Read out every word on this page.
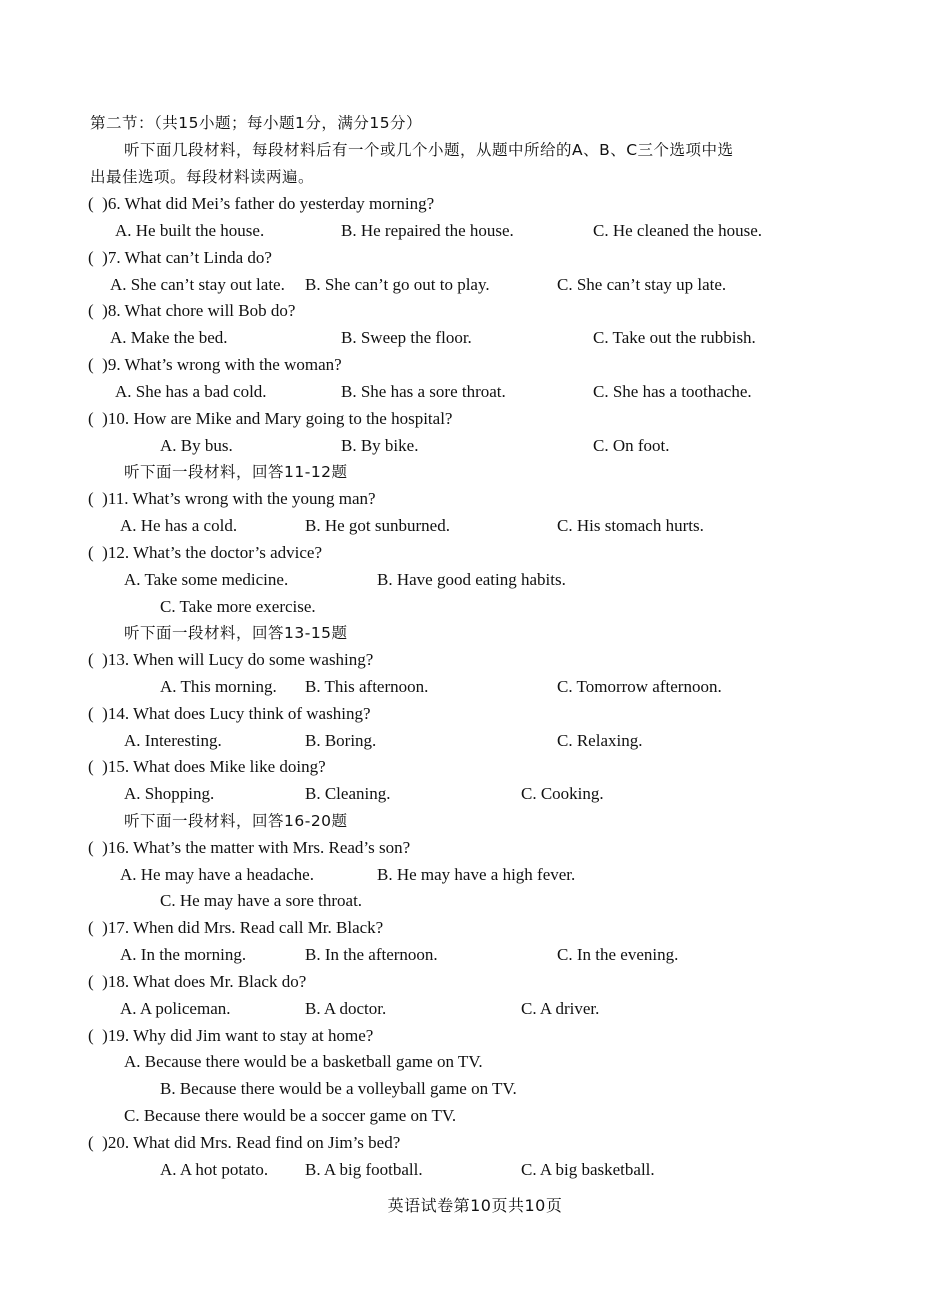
第二节：（共15小题；每小题1分，满分15分）
听下面几段材料，每段材料后有一个或几个小题，从题中所给的A、B、C三个选项中选
出最佳选项。每段材料读两遍。
(  )6. What did Mei’s father do yesterday morning?
A. He built the house.	B. He repaired the house.	C. He cleaned the house.
(  )7. What can’t Linda do?
A. She can’t stay out late. B. She can’t go out to play.	C. She can’t stay up late.
(  )8. What chore will Bob do?
A. Make the bed.	B. Sweep the floor.	C. Take out the rubbish.
(  )9. What’s wrong with the woman?
A. She has a bad cold.	B. She has a sore throat.	C. She has a toothache.
(  )10. How are Mike and Mary going to the hospital?
A. By bus.	B. By bike.	C. On foot.
听下面一段材料，回答11-12题
(  )11. What’s wrong with the young man?
A. He has a cold.	B. He got sunburned.	C. His stomach hurts.
(  )12. What’s the doctor’s advice?
A. Take some medicine.	B. Have good eating habits.
C. Take more exercise.
听下面一段材料，回答13-15题
(  )13. When will Lucy do some washing?
A. This morning. B. This afternoon.	C. Tomorrow afternoon.
(  )14. What does Lucy think of washing?
A. Interesting.	B. Boring.	C. Relaxing.
(  )15. What does Mike like doing?
A. Shopping.	B. Cleaning.	C. Cooking.
听下面一段材料，回答16-20题
(  )16. What’s the matter with Mrs. Read’s son?
A. He may have a headache.	B. He may have a high fever.
C. He may have a sore throat.
(  )17. When did Mrs. Read call Mr. Black?
A. In the morning.	B. In the afternoon.	C. In the evening.
(  )18. What does Mr. Black do?
A. A policeman.	B. A doctor.	C. A driver.
(  )19. Why did Jim want to stay at home?
A. Because there would be a basketball game on TV.
B. Because there would be a volleyball game on TV.
C. Because there would be a soccer game on TV.
(  )20. What did Mrs. Read find on Jim’s bed?
A. A hot potato. B. A big football.	C. A big basketball.
英语试卷第10页共10页
